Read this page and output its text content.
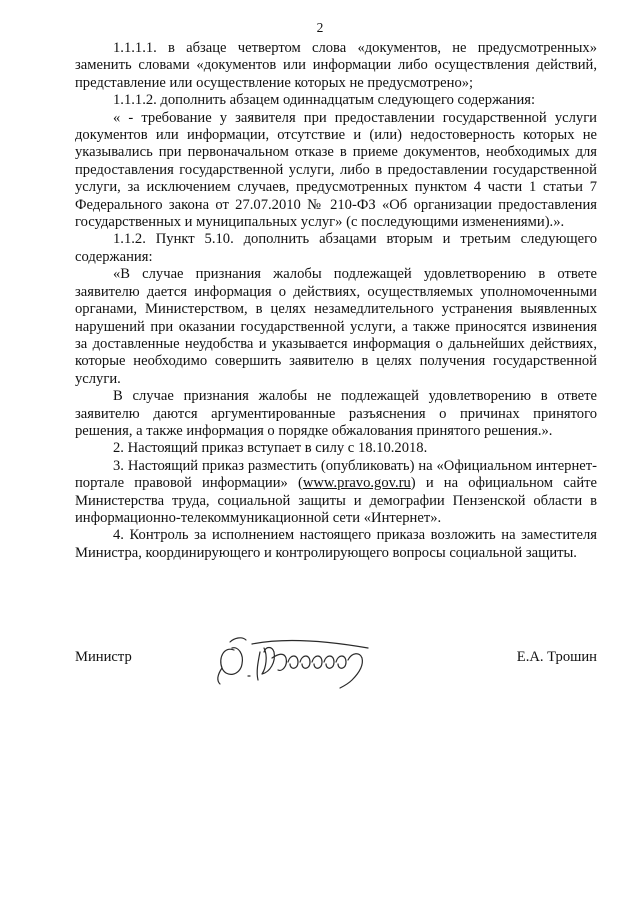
2

1.1.1.1. в абзаце четвертом слова «документов, не предусмотренных» заменить словами «документов или информации либо осуществления действий, представление или осуществление которых не предусмотрено»;

1.1.1.2. дополнить абзацем одиннадцатым следующего содержания:

« - требование у заявителя при предоставлении государственной услуги документов или информации, отсутствие и (или) недостоверность которых не указывались при первоначальном отказе в приеме документов, необходимых для предоставления государственной услуги, либо в предоставлении государственной услуги, за исключением случаев, предусмотренных пунктом 4 части 1 статьи 7 Федерального закона от 27.07.2010 № 210-ФЗ «Об организации предоставления государственных и муниципальных услуг» (с последующими изменениями).».

1.1.2. Пункт 5.10. дополнить абзацами вторым и третьим следующего содержания:

«В случае признания жалобы подлежащей удовлетворению в ответе заявителю дается информация о действиях, осуществляемых уполномоченными органами, Министерством, в целях незамедлительного устранения выявленных нарушений при оказании государственной услуги, а также приносятся извинения за доставленные неудобства и указывается информация о дальнейших действиях, которые необходимо совершить заявителю в целях получения государственной услуги.

В случае признания жалобы не подлежащей удовлетворению в ответе заявителю даются аргументированные разъяснения о причинах принятого решения, а также информация о порядке обжалования принятого решения.».

2. Настоящий приказ вступает в силу с 18.10.2018.

3. Настоящий приказ разместить (опубликовать) на «Официальном интернет-портале правовой информации» (www.pravo.gov.ru) и на официальном сайте Министерства труда, социальной защиты и демографии Пензенской области в информационно-телекоммуникационной сети «Интернет».

4. Контроль за исполнением настоящего приказа возложить на заместителя Министра, координирующего и контролирующего вопросы социальной защиты.

Министр	Е.А. Трошин
